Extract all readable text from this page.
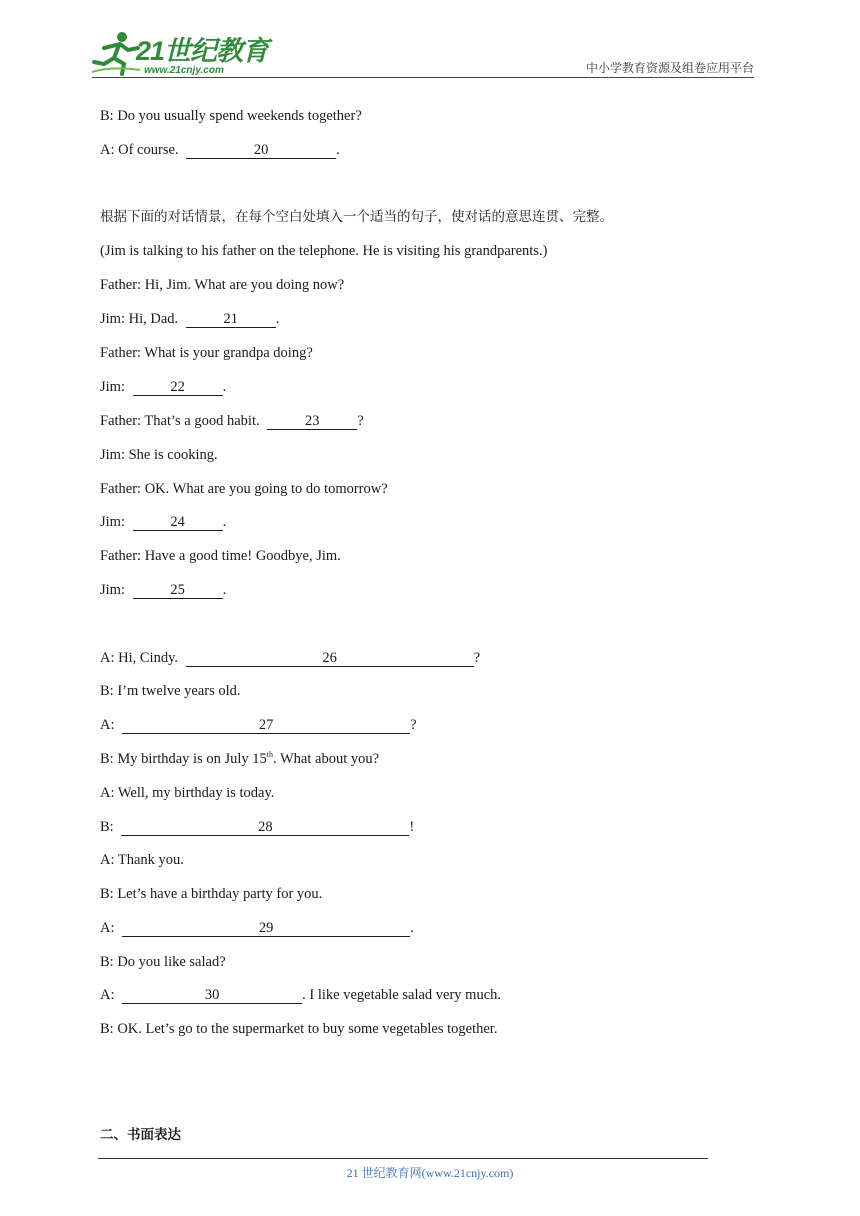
21世纪教育
www.21cnjy.com	中小学教育资源及组卷应用平台
B: Do you usually spend weekends together?
A: Of course.	20	.
根据下面的对话情景，在每个空白处填入一个适当的句子，使对话的意思连贯、完整。
(Jim is talking to his father on the telephone. He is visiting his grandparents.)
Father: Hi, Jim. What are you doing now?
Jim: Hi, Dad.	21	.
Father: What is your grandpa doing?
Jim:	22	.
Father: That’s a good habit.	23	?
Jim: She is cooking.
Father: OK. What are you going to do tomorrow?
Jim:	24	.
Father: Have a good time! Goodbye, Jim.
Jim:	25	.
A: Hi, Cindy.	26	?
B: I’m twelve years old.
A:	27	?
B: My birthday is on July 15th. What about you?
A: Well, my birthday is today.
B:	28	!
A: Thank you.
B: Let’s have a birthday party for you.
A:	29	.
B: Do you like salad?
A:	30	. I like vegetable salad very much.
B: OK. Let’s go to the supermarket to buy some vegetables together.
二、书面表达
21 世纪教育网(www.21cnjy.com)
